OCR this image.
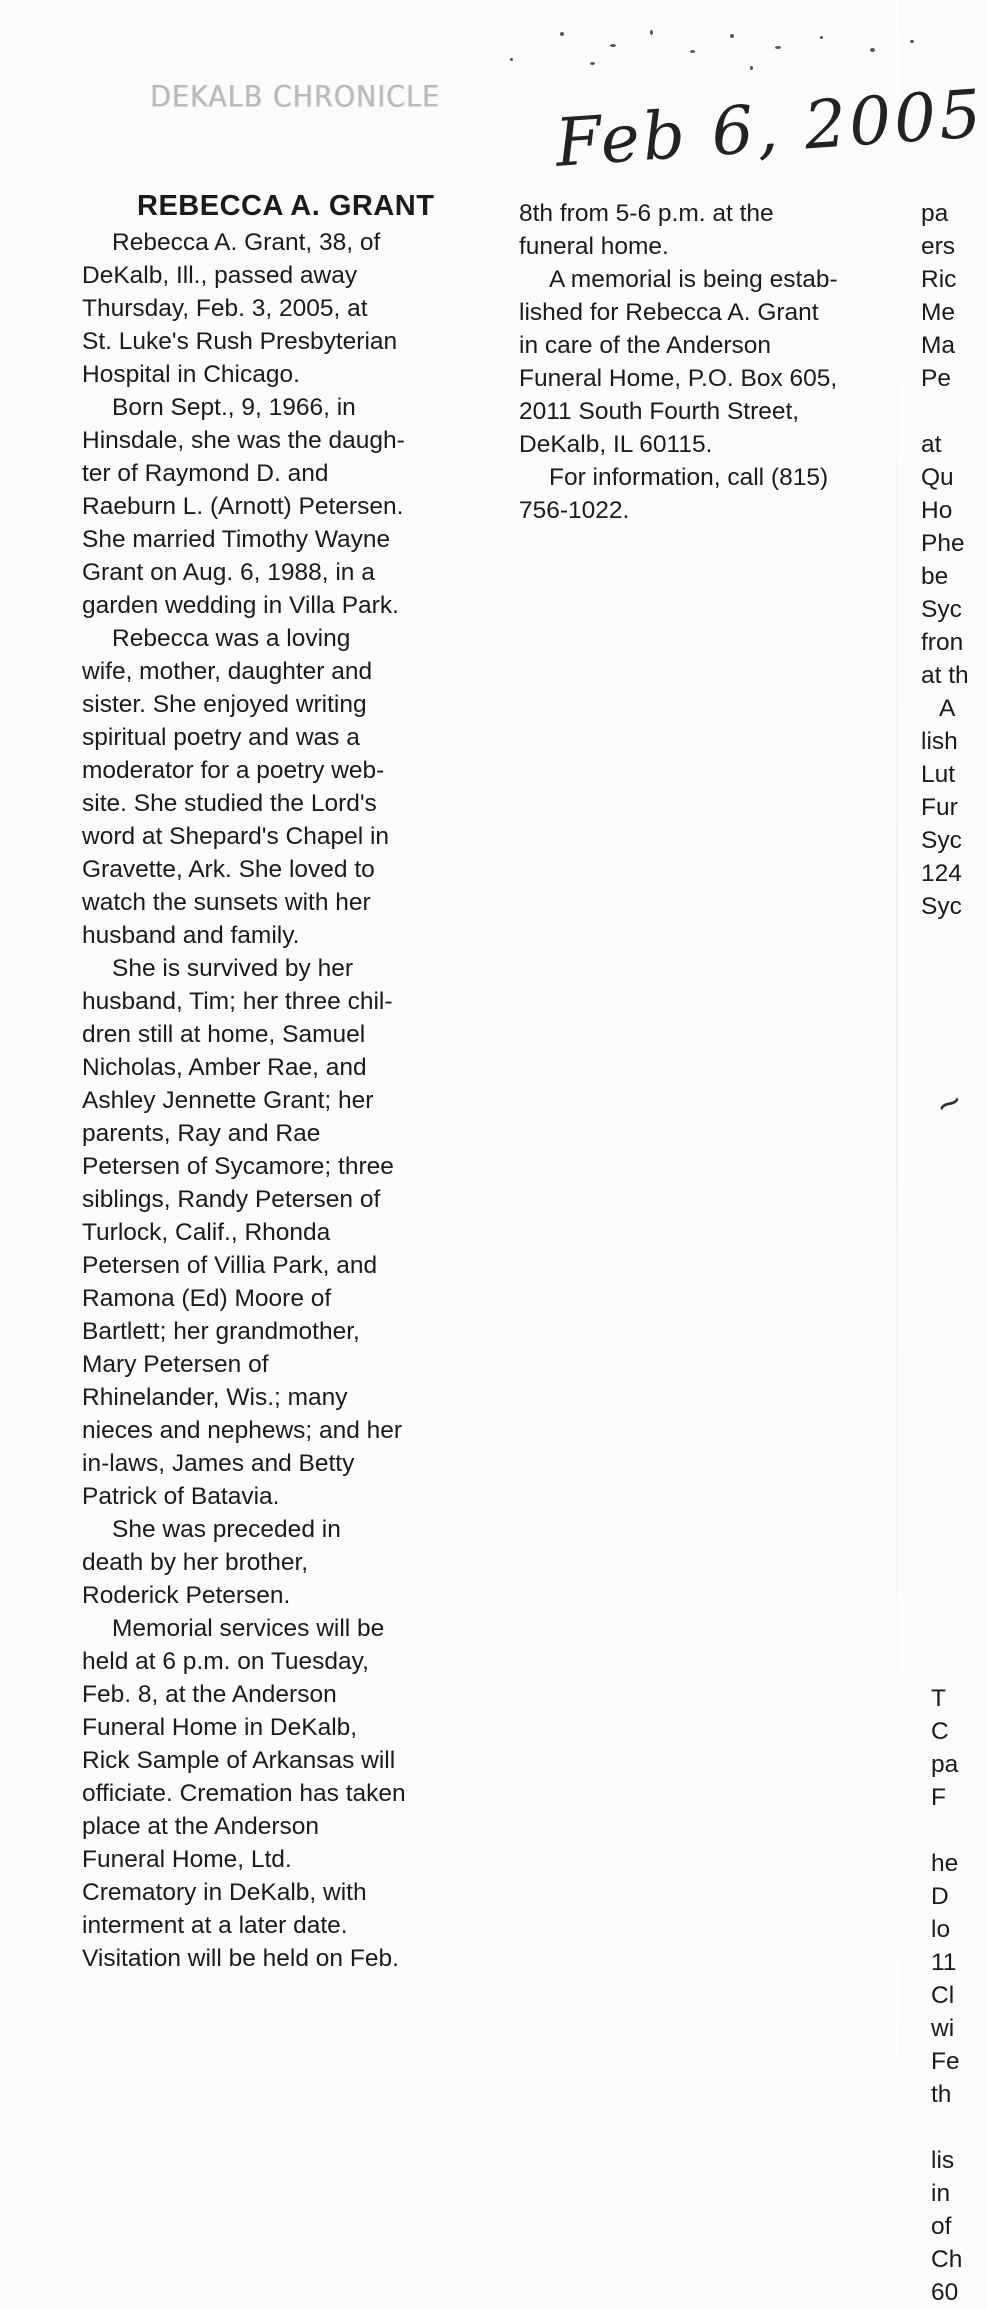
DEKALB CHRONICLE Feb 6, 2005
REBECCA A. GRANT
Rebecca A. Grant, 38, of
DeKalb, Ill., passed away
Thursday, Feb. 3, 2005, at
St. Luke's Rush Presbyterian
Hospital in Chicago.
Born Sept., 9, 1966, in
Hinsdale, she was the daugh-
ter of Raymond D. and
Raeburn L. (Arnott) Petersen.
She married Timothy Wayne
Grant on Aug. 6, 1988, in a
garden wedding in Villa Park.
Rebecca was a loving
wife, mother, daughter and
sister. She enjoyed writing
spiritual poetry and was a
moderator for a poetry web-
site. She studied the Lord's
word at Shepard's Chapel in
Gravette, Ark. She loved to
watch the sunsets with her
husband and family.
She is survived by her
husband, Tim; her three chil-
dren still at home, Samuel
Nicholas, Amber Rae, and
Ashley Jennette Grant; her
parents, Ray and Rae
Petersen of Sycamore; three
siblings, Randy Petersen of
Turlock, Calif., Rhonda
Petersen of Villia Park, and
Ramona (Ed) Moore of
Bartlett; her grandmother,
Mary Petersen of
Rhinelander, Wis.; many
nieces and nephews; and her
in-laws, James and Betty
Patrick of Batavia.
She was preceded in
death by her brother,
Roderick Petersen.
Memorial services will be
held at 6 p.m. on Tuesday,
Feb. 8, at the Anderson
Funeral Home in DeKalb,
Rick Sample of Arkansas will
officiate. Cremation has taken
place at the Anderson
Funeral Home, Ltd.
Crematory in DeKalb, with
interment at a later date.
Visitation will be held on Feb.
8th from 5-6 p.m. at the
funeral home.
A memorial is being estab-
lished for Rebecca A. Grant
in care of the Anderson
Funeral Home, P.O. Box 605,
2011 South Fourth Street,
DeKalb, IL 60115.
For information, call (815)
756-1022.
pa
ers
Ric
Me
Ma
Pe

at
Qu
Ho
Phe
be
Syc
fron
at th
A
lish
Lut
Fur
Syc
124
Syc
T
C
pa
F

he
D
lo
11
Cl
wi
Fe
th

lis
in
of
Ch
60
~
